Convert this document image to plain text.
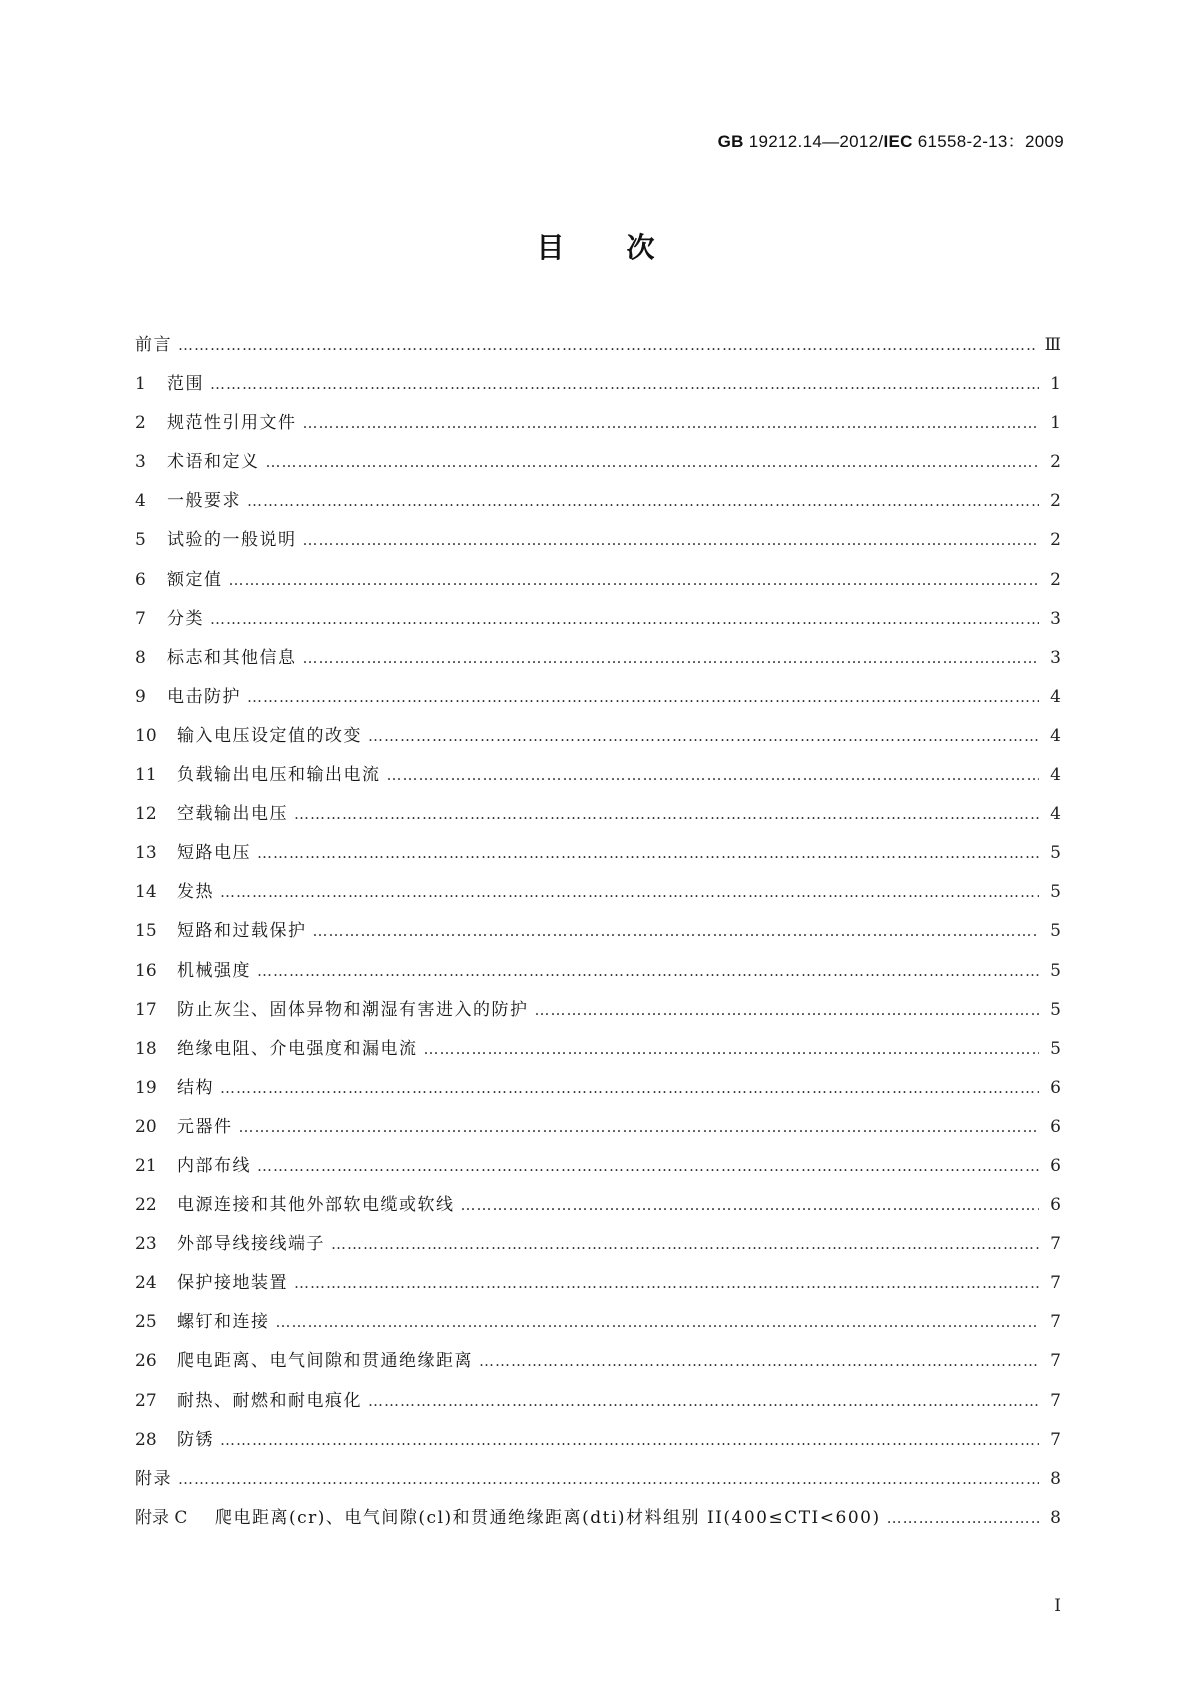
GB 19212.14—2012/IEC 61558-2-13：2009
目次
前言 …………………………………………………………………………………………………………………………………………………………………………………………………………………………………………………………………………	Ⅲ
1	范围 …………………………………………………………………………………………………………………………………………………………………………………………………………………………………………………………………………	1
2	规范性引用文件 …………………………………………………………………………………………………………………………………………………………………………………………………………………………………………………………………………	1
3	术语和定义 …………………………………………………………………………………………………………………………………………………………………………………………………………………………………………………………………………	2
4	一般要求 …………………………………………………………………………………………………………………………………………………………………………………………………………………………………………………………………………	2
5	试验的一般说明 …………………………………………………………………………………………………………………………………………………………………………………………………………………………………………………………………………	2
6	额定值 …………………………………………………………………………………………………………………………………………………………………………………………………………………………………………………………………………	2
7	分类 …………………………………………………………………………………………………………………………………………………………………………………………………………………………………………………………………………	3
8	标志和其他信息 …………………………………………………………………………………………………………………………………………………………………………………………………………………………………………………………………………	3
9	电击防护 …………………………………………………………………………………………………………………………………………………………………………………………………………………………………………………………………………	4
10	输入电压设定值的改变 …………………………………………………………………………………………………………………………………………………………………………………………………………………………………………………………………………	4
11	负载输出电压和输出电流 …………………………………………………………………………………………………………………………………………………………………………………………………………………………………………………………………………	4
12	空载输出电压 …………………………………………………………………………………………………………………………………………………………………………………………………………………………………………………………………………	4
13	短路电压 …………………………………………………………………………………………………………………………………………………………………………………………………………………………………………………………………………	5
14	发热 …………………………………………………………………………………………………………………………………………………………………………………………………………………………………………………………………………	5
15	短路和过载保护 …………………………………………………………………………………………………………………………………………………………………………………………………………………………………………………………………………	5
16	机械强度 …………………………………………………………………………………………………………………………………………………………………………………………………………………………………………………………………………	5
17	防止灰尘、固体异物和潮湿有害进入的防护 …………………………………………………………………………………………………………………………………………………………………………………………………………………………………………………………………………	5
18	绝缘电阻、介电强度和漏电流 …………………………………………………………………………………………………………………………………………………………………………………………………………………………………………………………………………	5
19	结构 …………………………………………………………………………………………………………………………………………………………………………………………………………………………………………………………………………	6
20	元器件 …………………………………………………………………………………………………………………………………………………………………………………………………………………………………………………………………………	6
21	内部布线 …………………………………………………………………………………………………………………………………………………………………………………………………………………………………………………………………………	6
22	电源连接和其他外部软电缆或软线 …………………………………………………………………………………………………………………………………………………………………………………………………………………………………………………………………………	6
23	外部导线接线端子 …………………………………………………………………………………………………………………………………………………………………………………………………………………………………………………………………………	7
24	保护接地装置 …………………………………………………………………………………………………………………………………………………………………………………………………………………………………………………………………………	7
25	螺钉和连接 …………………………………………………………………………………………………………………………………………………………………………………………………………………………………………………………………………	7
26	爬电距离、电气间隙和贯通绝缘距离 …………………………………………………………………………………………………………………………………………………………………………………………………………………………………………………………………………	7
27	耐热、耐燃和耐电痕化 …………………………………………………………………………………………………………………………………………………………………………………………………………………………………………………………………………	7
28	防锈 …………………………………………………………………………………………………………………………………………………………………………………………………………………………………………………………………………	7
附录 …………………………………………………………………………………………………………………………………………………………………………………………………………………………………………………………………………	8
附录 C	爬电距离(cr)、电气间隙(cl)和贯通绝缘距离(dti)材料组别 II(400≤CTI<600) …………………………………………………………………………………………………………………………………………………………………………………………………………………………………………………………………………	8
I
